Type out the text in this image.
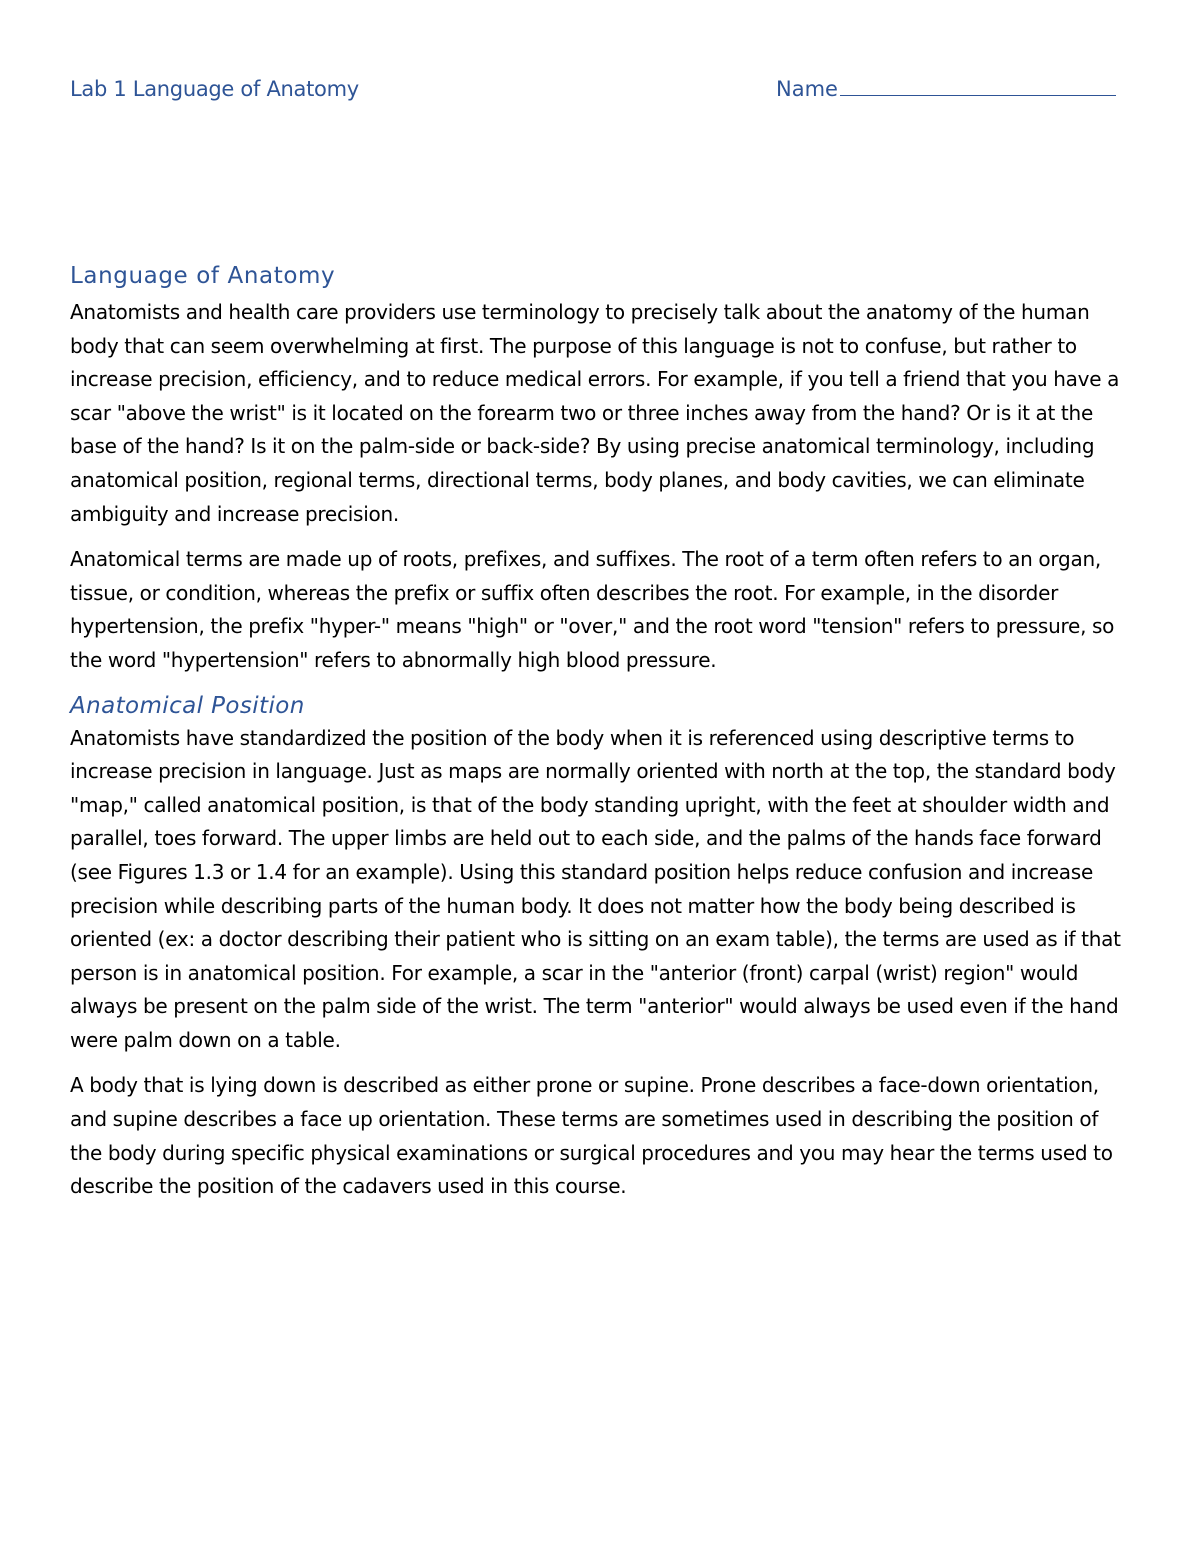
Lab 1 Language of Anatomy	Name
Language of Anatomy

Anatomists and health care providers use terminology to precisely talk about the anatomy of the human body that can seem overwhelming at first. The purpose of this language is not to confuse, but rather to increase precision, efficiency, and to reduce medical errors. For example, if you tell a friend that you have a scar "above the wrist" is it located on the forearm two or three inches away from the hand? Or is it at the base of the hand? Is it on the palm-side or back-side? By using precise anatomical terminology, including anatomical position, regional terms, directional terms, body planes, and body cavities, we can eliminate ambiguity and increase precision.

Anatomical terms are made up of roots, prefixes, and suffixes. The root of a term often refers to an organ, tissue, or condition, whereas the prefix or suffix often describes the root. For example, in the disorder hypertension, the prefix "hyper-" means "high" or "over," and the root word "tension" refers to pressure, so the word "hypertension" refers to abnormally high blood pressure.

Anatomical Position

Anatomists have standardized the position of the body when it is referenced using descriptive terms to increase precision in language. Just as maps are normally oriented with north at the top, the standard body "map," called anatomical position, is that of the body standing upright, with the feet at shoulder width and parallel, toes forward. The upper limbs are held out to each side, and the palms of the hands face forward (see Figures 1.3 or 1.4 for an example). Using this standard position helps reduce confusion and increase precision while describing parts of the human body. It does not matter how the body being described is oriented (ex: a doctor describing their patient who is sitting on an exam table), the terms are used as if that person is in anatomical position. For example, a scar in the "anterior (front) carpal (wrist) region" would always be present on the palm side of the wrist. The term "anterior" would always be used even if the hand were palm down on a table.

A body that is lying down is described as either prone or supine. Prone describes a face-down orientation, and supine describes a face up orientation. These terms are sometimes used in describing the position of the body during specific physical examinations or surgical procedures and you may hear the terms used to describe the position of the cadavers used in this course.
